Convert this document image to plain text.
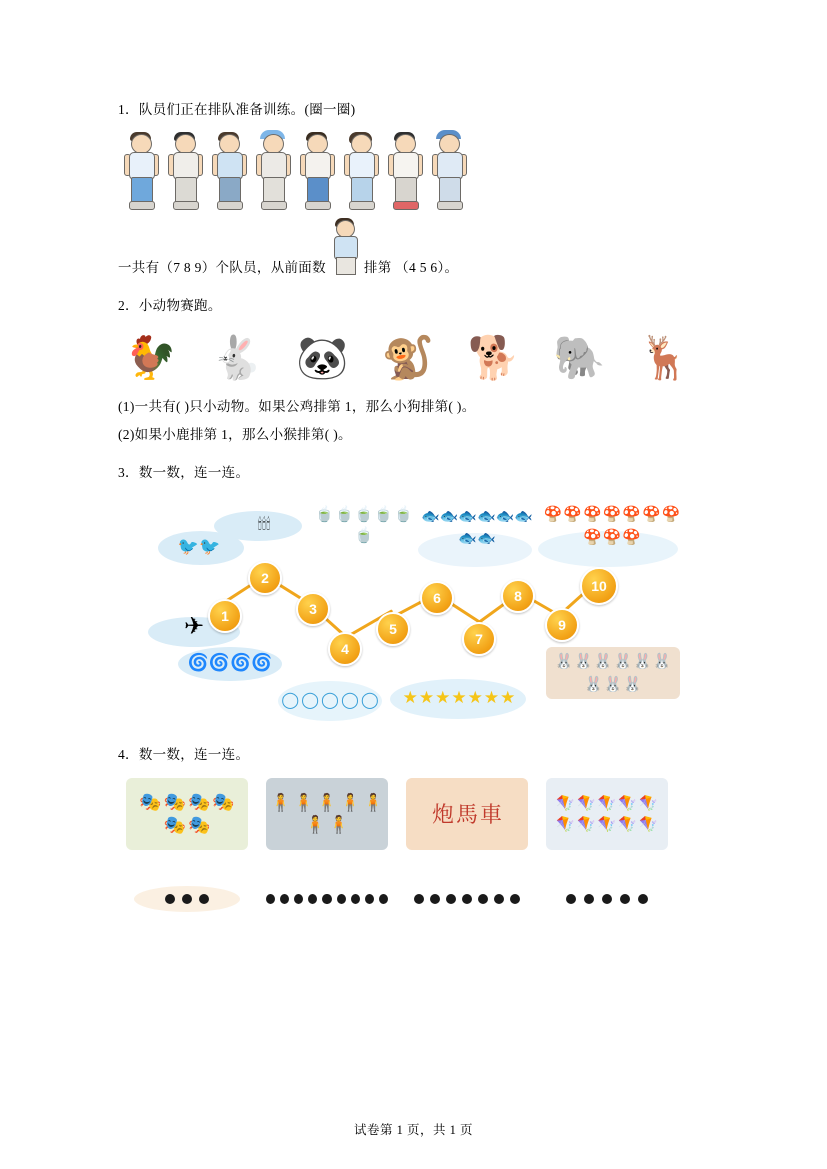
1．队员们正在排队准备训练。(圈一圈)

一共有（7 8 9）个队员，从前面数	排第 （4 5 6）。

2．小动物赛跑。

🐓 🐇 🐼 🐒 🐕 🐘 🦌

(1)一共有( )只小动物。如果公鸡排第 1，那么小狗排第( )。

(2)如果小鹿排第 1，那么小猴排第( )。

3．数一数，连一连。

🐦 🐦
🕯 🕯 🕯
🍵 🍵 🍵 🍵 🍵
🍵
🐟 🐟 🐟 🐟 🐟 🐟
🐟 🐟
🍄 🍄 🍄 🍄 🍄 🍄 🍄
🍄 🍄 🍄
✈
🌀 🌀 🌀 🌀
◯ ◯ ◯ ◯ ◯ ★ ★ ★ ★ ★ ★ ★
🐰 🐰 🐰 🐰 🐰 🐰
🐰 🐰 🐰
1
2
3
4
5
6
7
8
9
10

4．数一数，连一连。

🎭 🎭 🎭 🎭
🎭 🎭
🧍 🧍 🧍 🧍 🧍
🧍 🧍	炮 馬 車	🪁 🪁 🪁 🪁 🪁
🪁 🪁 🪁 🪁 🪁
试卷第 1 页，共 1 页
